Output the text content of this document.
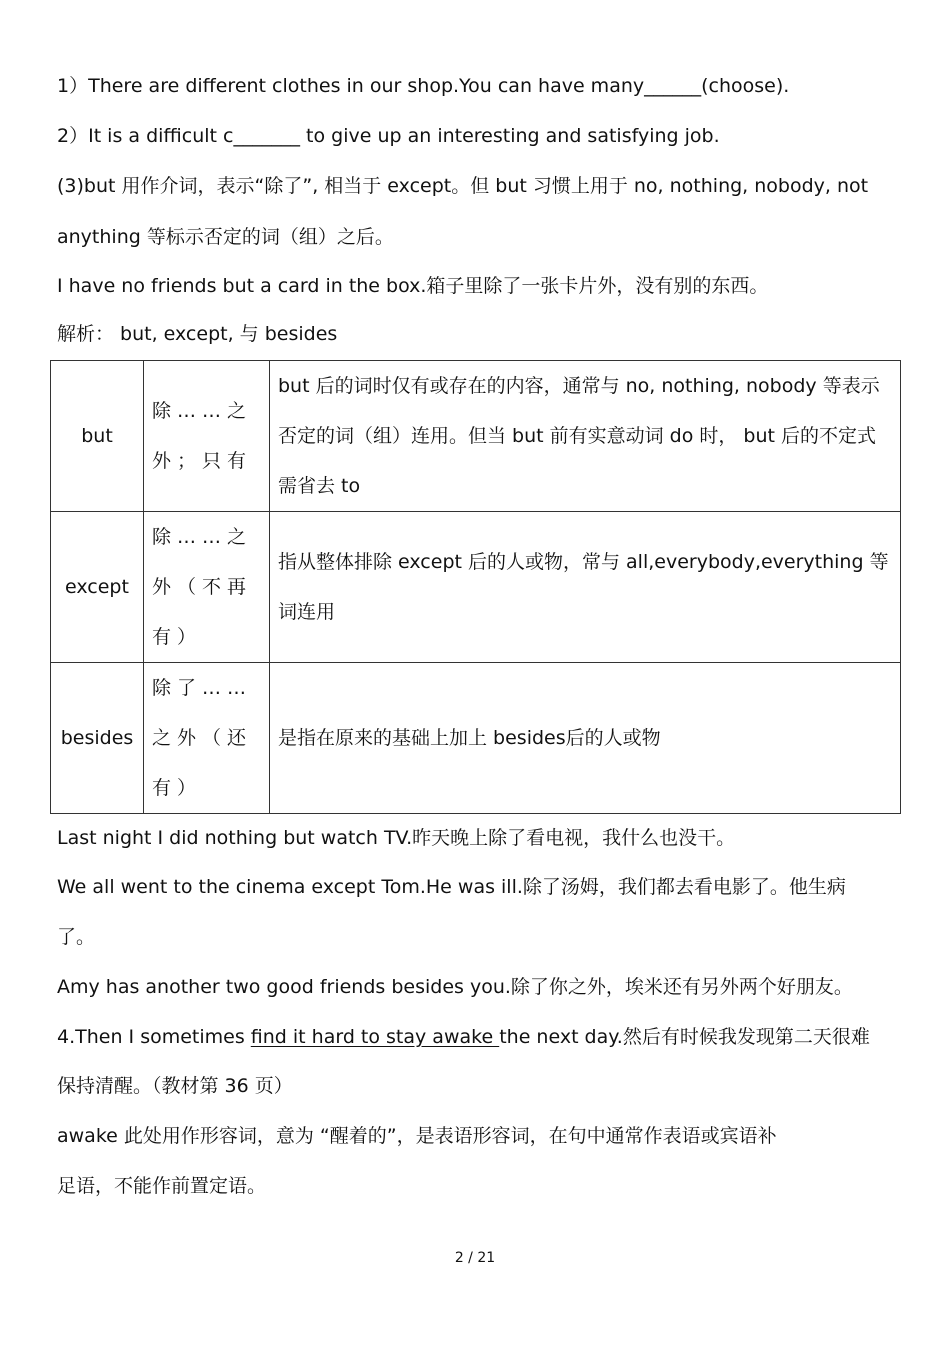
1）There are different clothes in our shop.You can have many______(choose).
2）It is a difficult c_______ to give up an interesting and satisfying job.
(3)but 用作介词，表示“除了”, 相当于 except。但 but 习惯上用于 no, nothing, nobody, not
anything 等标示否定的词（组）之后。
I have no friends but a card in the box.箱子里除了一张卡片外，没有别的东西。
解析： but, except, 与 besides
but	除……之外；只有	but 后的词时仅有或存在的内容，通常与 no, nothing, nobody 等表示否定的词（组）连用。但当 but 前有实意动词 do 时， but 后的不定式需省去 to
except	除……之外（不再有）	指从整体排除 except 后的人或物，常与 all,everybody,everything 等词连用
besides	除了……之外（还有）	是指在原来的基础上加上 besides后的人或物
Last night I did nothing but watch TV.昨天晚上除了看电视，我什么也没干。
We all went to the cinema except Tom.He was ill.除了汤姆，我们都去看电影了。他生病
了。
Amy has another two good friends besides you.除了你之外，埃米还有另外两个好朋友。
4.Then I sometimes find it hard to stay awake the next day.然后有时候我发现第二天很难
保持清醒。（教材第 36 页）
awake 此处用作形容词，意为 “醒着的”，是表语形容词，在句中通常作表语或宾语补
足语，不能作前置定语。
2 / 21
